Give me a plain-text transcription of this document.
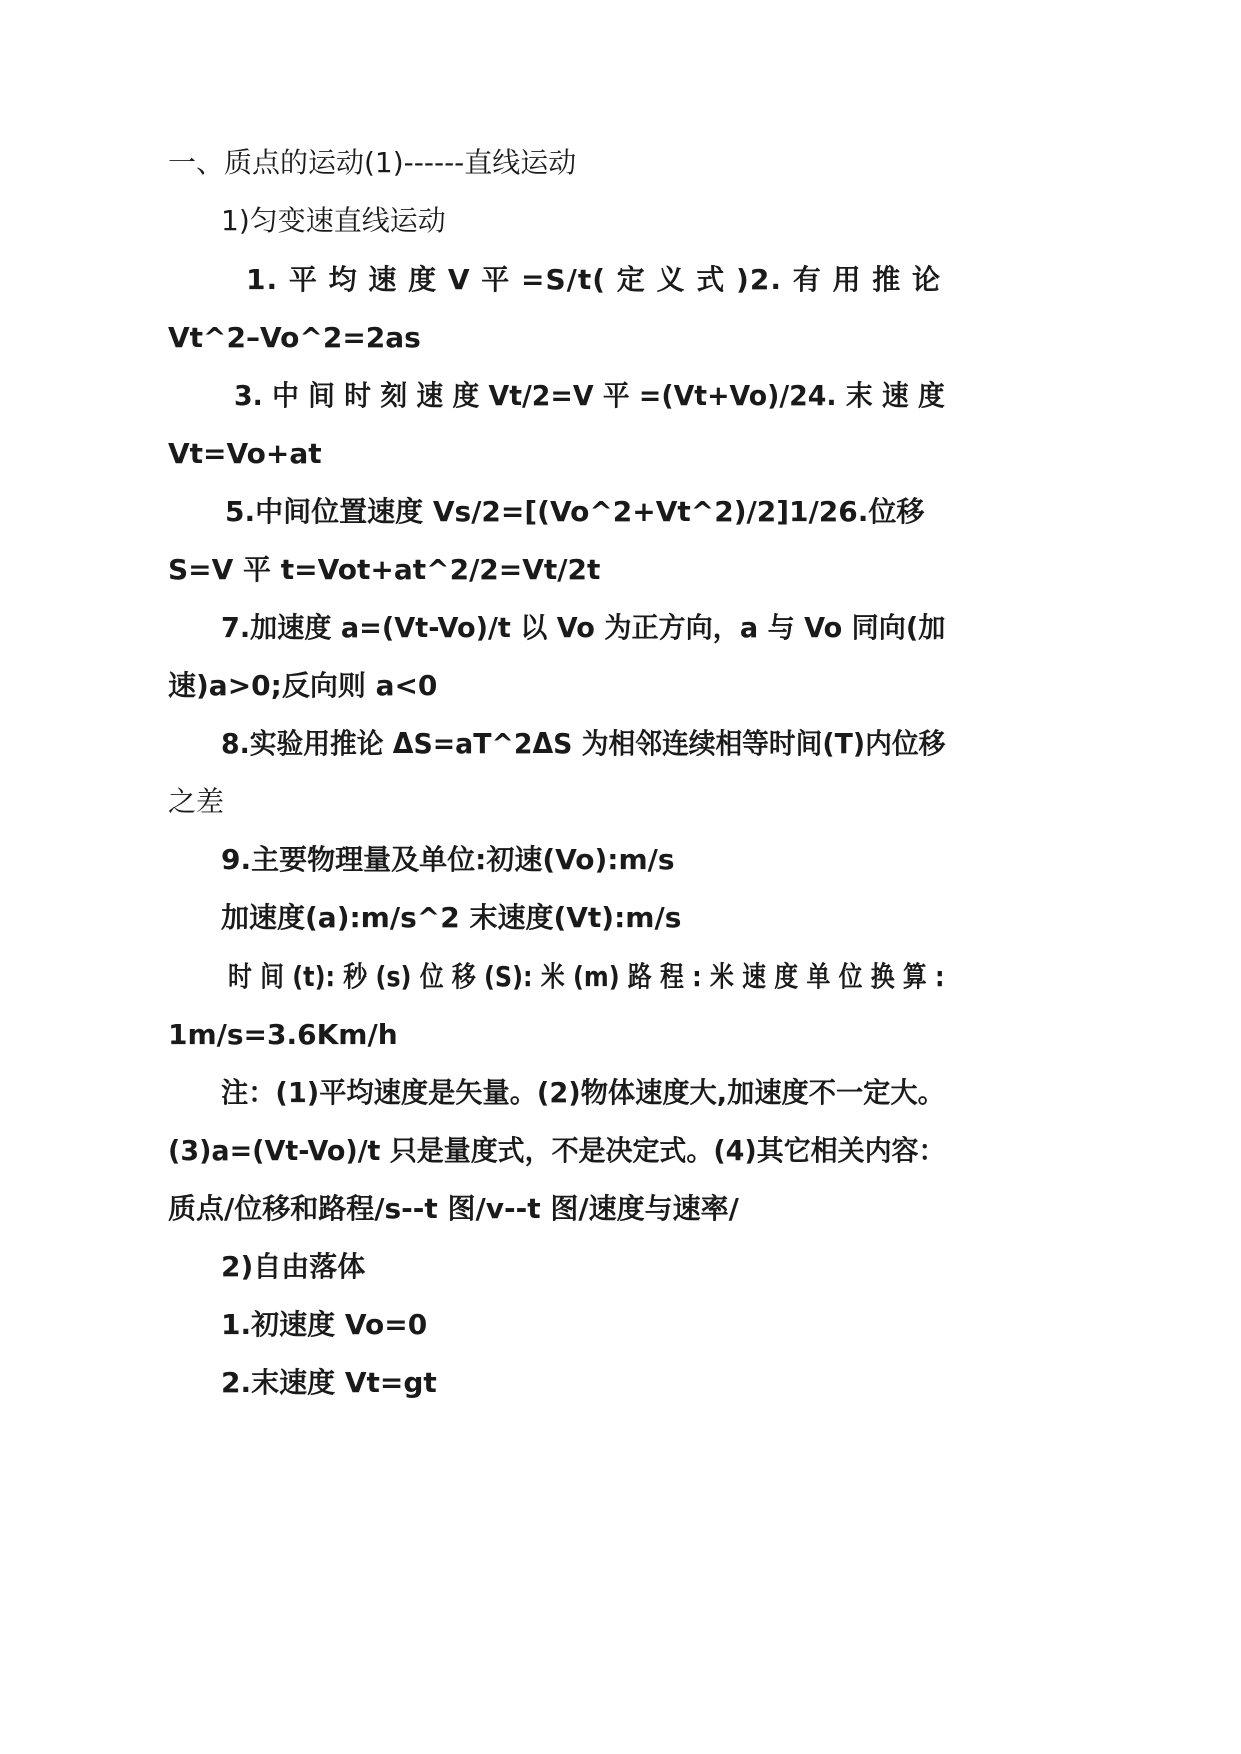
一、质点的运动(1)------直线运动
1)匀变速直线运动
1. 平 均 速 度 V 平 =S/t( 定 义 式 )2. 有 用 推 论
Vt^2–Vo^2=2as
3. 中 间 时 刻 速 度 Vt/2=V 平 =(Vt+Vo)/24. 末 速 度
Vt=Vo+at
5.中间位置速度 Vs/2=[(Vo^2+Vt^2)/2]1/26.位移
S=V 平 t=Vot+at^2/2=Vt/2t
7.加速度 a=(Vt-Vo)/t 以 Vo 为正方向，a 与 Vo 同向(加
速)a>0;反向则 a<0
8.实验用推论 ΔS=aT^2ΔS 为相邻连续相等时间(T)内位移
之差
9.主要物理量及单位:初速(Vo):m/s
加速度(a):m/s^2 末速度(Vt):m/s
时 间 (t): 秒 (s) 位 移 (S): 米 (m) 路 程 : 米 速 度 单 位 换 算 :
1m/s=3.6Km/h
注：(1)平均速度是矢量。(2)物体速度大,加速度不一定大。
(3)a=(Vt-Vo)/t 只是量度式，不是决定式。(4)其它相关内容：
质点/位移和路程/s--t 图/v--t 图/速度与速率/
2)自由落体
1.初速度 Vo=0
2.末速度 Vt=gt
